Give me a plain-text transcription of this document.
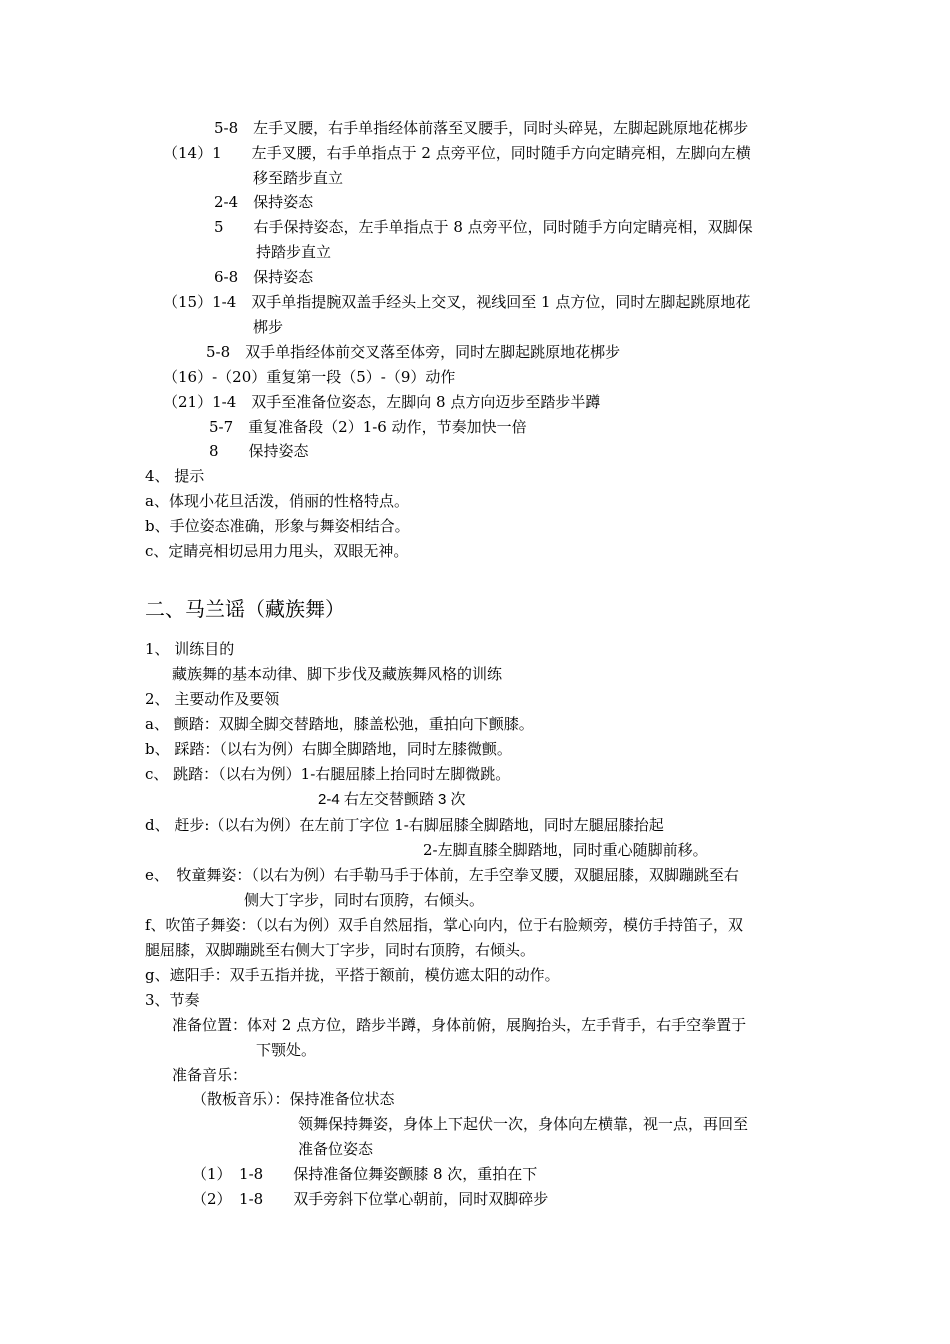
5-8　左手叉腰，右手单指经体前落至叉腰手，同时头碎晃，左脚起跳原地花梆步
（14）1　　左手叉腰，右手单指点于 2 点旁平位，同时随手方向定睛亮相，左脚向左横
移至踏步直立
2-4　保持姿态
5　　右手保持姿态，左手单指点于 8 点旁平位，同时随手方向定睛亮相，双脚保
持踏步直立
6-8　保持姿态
（15）1-4　双手单指提腕双盖手经头上交叉，视线回至 1 点方位，同时左脚起跳原地花
梆步
5-8　双手单指经体前交叉落至体旁，同时左脚起跳原地花梆步
（16）-（20）重复第一段（5）-（9）动作
（21）1-4　双手至准备位姿态，左脚向 8 点方向迈步至踏步半蹲
5-7　重复准备段（2）1-6 动作，节奏加快一倍
8　　保持姿态
4、 提示
a、体现小花旦活泼，俏丽的性格特点。
b、手位姿态准确，形象与舞姿相结合。
c、定睛亮相切忌用力甩头，双眼无神。
二、马兰谣（藏族舞）
1、 训练目的
藏族舞的基本动律、脚下步伐及藏族舞风格的训练
2、 主要动作及要领
a、 颤踏：双脚全脚交替踏地，膝盖松弛，重拍向下颤膝。
b、 踩踏：（以右为例）右脚全脚踏地，同时左膝微颤。
c、 跳踏：（以右为例）1-右腿屈膝上抬同时左脚微跳。
2-4 右左交替颤踏 3 次
d、 赶步:（以右为例）在左前丁字位 1-右脚屈膝全脚踏地，同时左腿屈膝抬起
2-左脚直膝全脚踏地，同时重心随脚前移。
e、　牧童舞姿：（以右为例）右手勒马手于体前，左手空拳叉腰，双腿屈膝，双脚蹦跳至右
侧大丁字步，同时右顶胯，右倾头。
f、吹笛子舞姿：（以右为例）双手自然屈指，掌心向内，位于右脸颊旁，模仿手持笛子，双
腿屈膝，双脚蹦跳至右侧大丁字步，同时右顶胯，右倾头。
g、遮阳手：双手五指并拢，平搭于额前，模仿遮太阳的动作。
3、节奏
准备位置：体对 2 点方位，踏步半蹲，身体前俯，展胸抬头，左手背手，右手空拳置于
下颚处。
准备音乐：
（散板音乐）：保持准备位状态
领舞保持舞姿，身体上下起伏一次，身体向左横靠，视一点，再回至
准备位姿态
（1）　1-8　　保持准备位舞姿颤膝 8 次，重拍在下
（2）　1-8　　双手旁斜下位掌心朝前，同时双脚碎步
